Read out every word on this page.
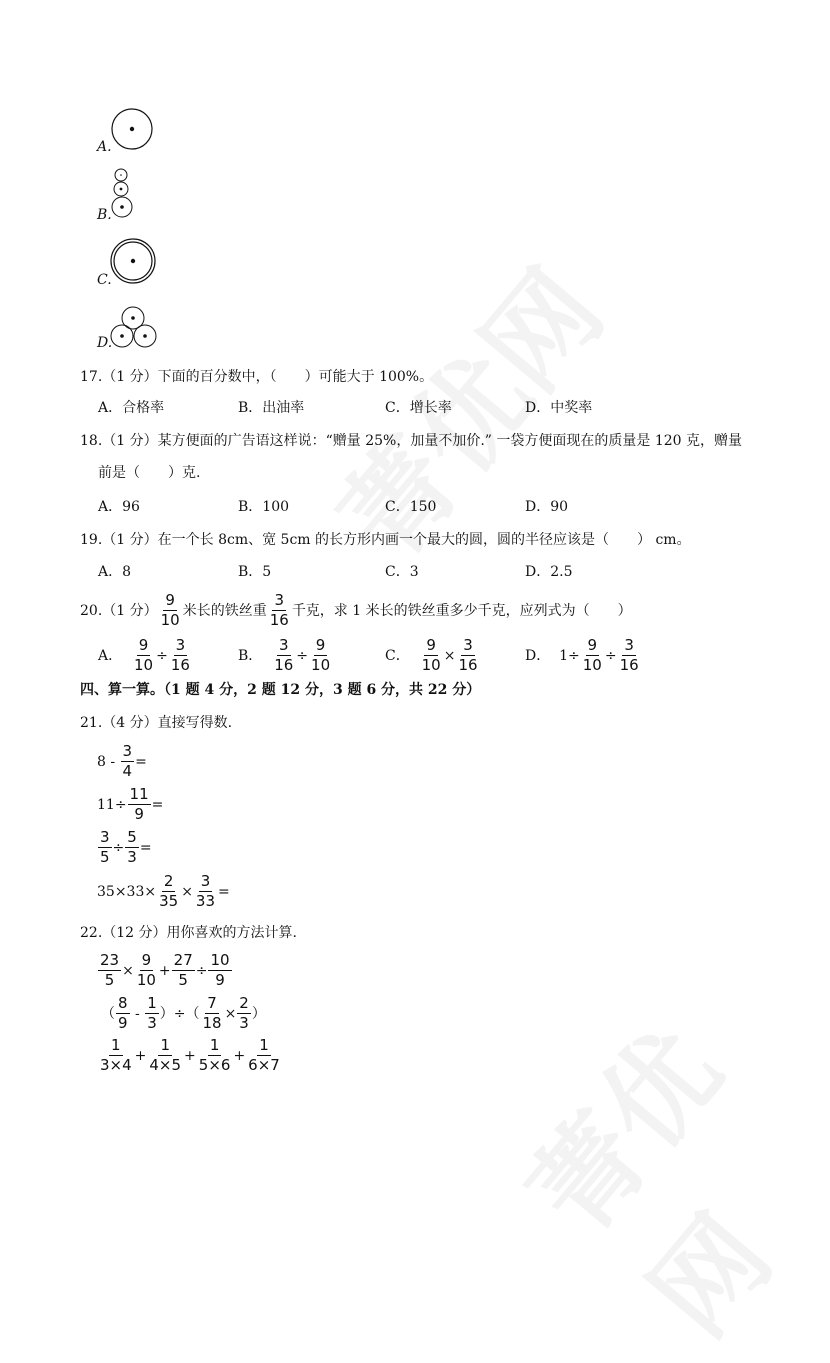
A.
B.
C.
D.
17.（1 分）下面的百分数中，（　　）可能大于 100%。
A．合格率	B．出油率	C．增长率	D．中奖率
18.（1 分）某方便面的广告语这样说：“赠量 25%，加量不加价.” 一袋方便面现在的质量是 120 克，赠量
前是（　　）克.
A．96	B．100	C．150	D．90
19.（1 分）在一个长 8cm、宽 5cm 的长方形内画一个最大的圆，圆的半径应该是（　　） cm。
A．8	B．5	C．3	D．2.5
20.（1 分） $\frac{9}{10}$ 米长的铁丝重 $\frac{3}{16}$ 千克，求 1 米长的铁丝重多少千克，应列式为（　　）
A． $\frac{9}{10} \div \frac{3}{16}$	B． $\frac{3}{16} \div \frac{9}{10}$	C． $\frac{9}{10} \times \frac{3}{16}$	D．  $1\div \frac{9}{10} \div \frac{3}{16}$
四、算一算。（1 题 4 分，2 题 12 分，3 题 6 分，共 22 分）
21.（4 分）直接写得数.
$8 - \frac{3}{4}$ =
$11\div \frac{11}{9}$ =
$\frac{3}{5} \div \frac{5}{3}$ =
$35\times 33\times \frac{2}{35} \times \frac{3}{33}$ =
22.（12 分）用你喜欢的方法计算.
$\frac{23}{5} \times \frac{9}{10} + \frac{27}{5} \div \frac{10}{9}$
（ $\frac{8}{9} - \frac{1}{3}$ ）÷（ $\frac{7}{18} \times \frac{2}{3}$ ）
$\frac{1}{3\times 4} + \frac{1}{4\times 5} + \frac{1}{5\times 6} + \frac{1}{6\times 7}$
